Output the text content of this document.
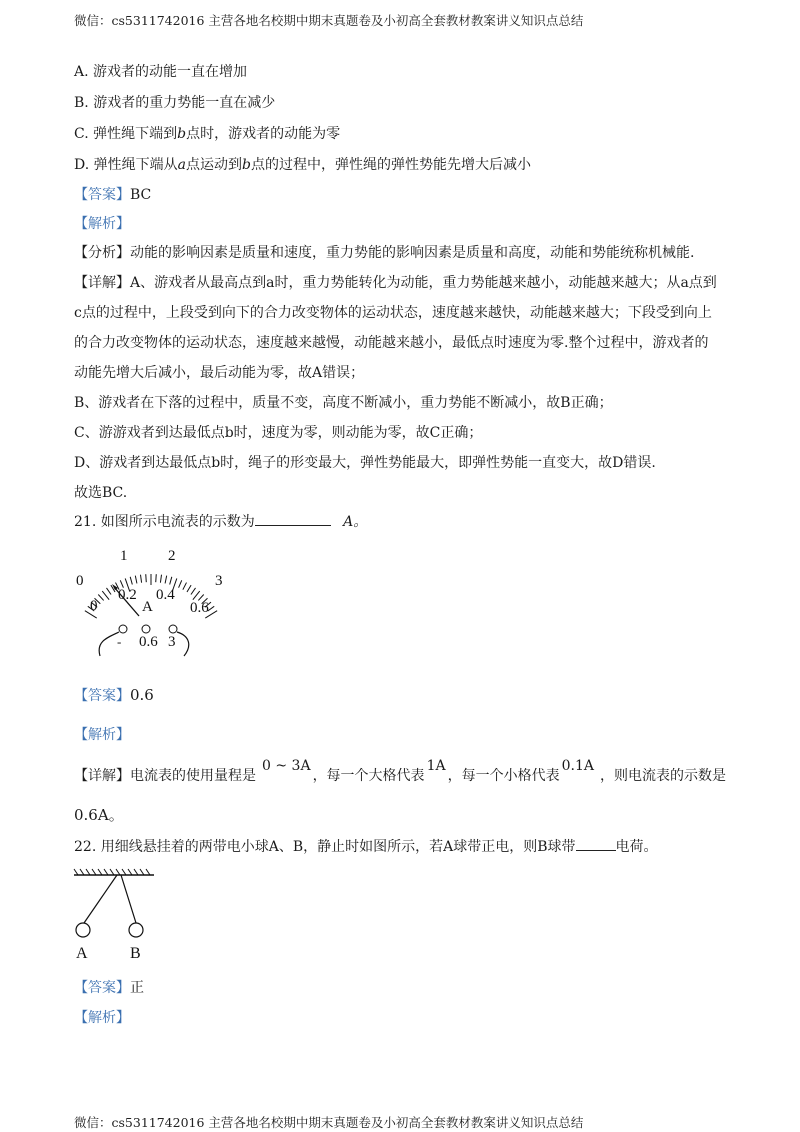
微信：cs5311742016 主营各地名校期中期末真题卷及小初高全套教材教案讲义知识点总结
A. 游戏者的动能一直在增加
B. 游戏者的重力势能一直在减少
C. 弹性绳下端到b点时，游戏者的动能为零
D. 弹性绳下端从a点运动到b点的过程中，弹性绳的弹性势能先增大后减小
【答案】BC
【解析】
【分析】动能的影响因素是质量和速度，重力势能的影响因素是质量和高度，动能和势能统称机械能.
【详解】A、游戏者从最高点到a时，重力势能转化为动能，重力势能越来越小，动能越来越大；从a点到
c点的过程中，上段受到向下的合力改变物体的运动状态，速度越来越快，动能越来越大；下段受到向上
的合力改变物体的运动状态，速度越来越慢，动能越来越小，最低点时速度为零.整个过程中，游戏者的
动能先增大后减小，最后动能为零，故A错误；
B、游戏者在下落的过程中，质量不变，高度不断减小，重力势能不断减小，故B正确；
C、游游戏者到达最低点b时，速度为零，则动能为零，故C正确；
D、游戏者到达最低点b时，绳子的形变最大，弹性势能最大，即弹性势能一直变大，故D错误.
故选BC.
21. 如图所示电流表的示数为	A。
0
1	2
3
0
0.2 0.4
0.6
A
- 0.6 3
【答案】0.6
【解析】
【详解】电流表的使用量程是0 ~ 3A，每一个大格代表1A，每一个小格代表0.1A，则电流表的示数是
0.6A。
22. 用细线悬挂着的两带电小球A、B，静止时如图所示，若A球带正电，则B球带	电荷。
A	B
【答案】正
【解析】
微信：cs5311742016 主营各地名校期中期末真题卷及小初高全套教材教案讲义知识点总结
